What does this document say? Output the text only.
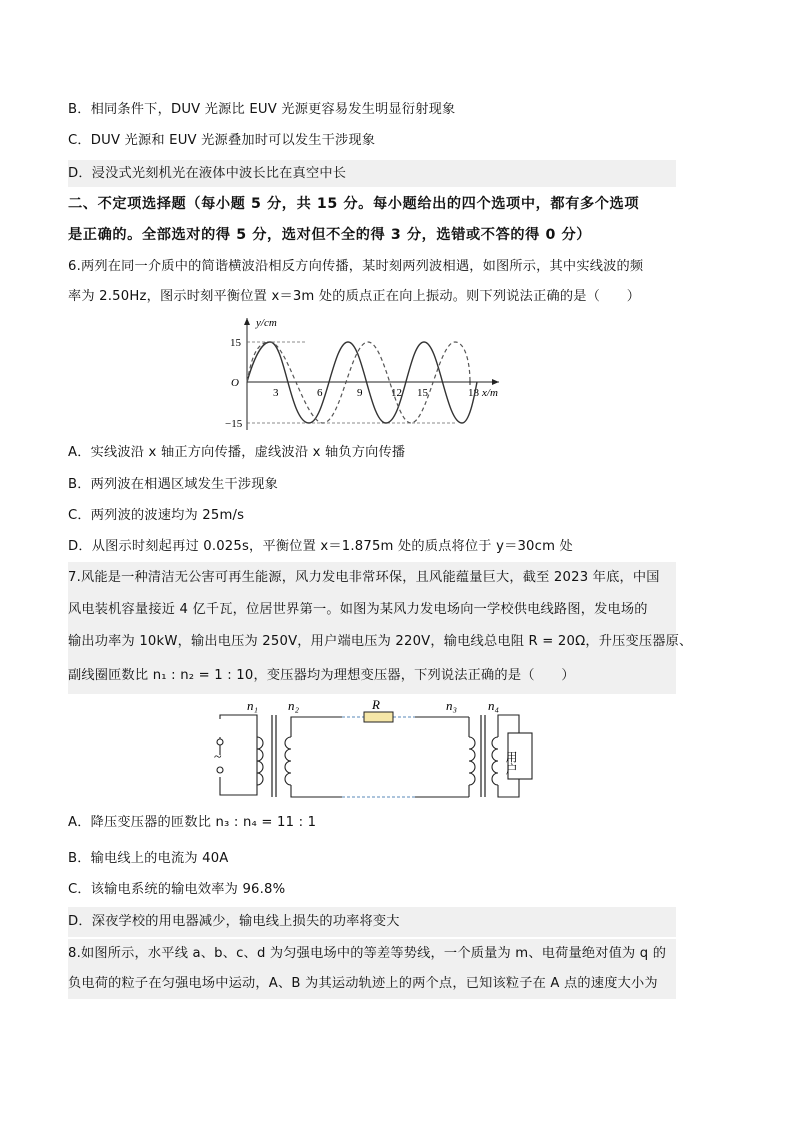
B．相同条件下，DUV 光源比 EUV 光源更容易发生明显衍射现象
C．DUV 光源和 EUV 光源叠加时可以发生干涉现象
D．浸没式光刻机光在液体中波长比在真空中长
二、不定项选择题（每小题 5 分，共 15 分。每小题给出的四个选项中，都有多个选项
是正确的。全部选对的得 5 分，选对但不全的得 3 分，选错或不答的得 0 分）
6.两列在同一介质中的简谐横波沿相反方向传播，某时刻两列波相遇，如图所示，其中实线波的频
率为 2.50Hz，图示时刻平衡位置 x＝3m 处的质点正在向上振动。则下列说法正确的是（　　）
y/cm
x/m
O
15
−15
3	6	9	12 15	18
A．实线波沿 x 轴正方向传播，虚线波沿 x 轴负方向传播
B．两列波在相遇区域发生干涉现象
C．两列波的波速均为 25m/s
D．从图示时刻起再过 0.025s，平衡位置 x＝1.875m 处的质点将位于 y＝30cm 处
7.风能是一种清洁无公害可再生能源，风力发电非常环保，且风能蕴量巨大，截至 2023 年底，中国
风电装机容量接近 4 亿千瓦，位居世界第一。如图为某风力发电场向一学校供电线路图，发电场的
输出功率为 10kW，输出电压为 250V，用户端电压为 220V，输电线总电阻 R = 20Ω，升压变压器原、
副线圈匝数比 n₁ : n₂ = 1 : 10，变压器均为理想变压器，下列说法正确的是（　　）
R
n₁ n₂	n₃ n₄
~	用户
A．降压变压器的匝数比 n₃ : n₄ = 11 : 1
B．输电线上的电流为 40A
C．该输电系统的输电效率为 96.8%
D．深夜学校的用电器减少，输电线上损失的功率将变大
8.如图所示，水平线 a、b、c、d 为匀强电场中的等差等势线，一个质量为 m、电荷量绝对值为 q 的
负电荷的粒子在匀强电场中运动，A、B 为其运动轨迹上的两个点，已知该粒子在 A 点的速度大小为
